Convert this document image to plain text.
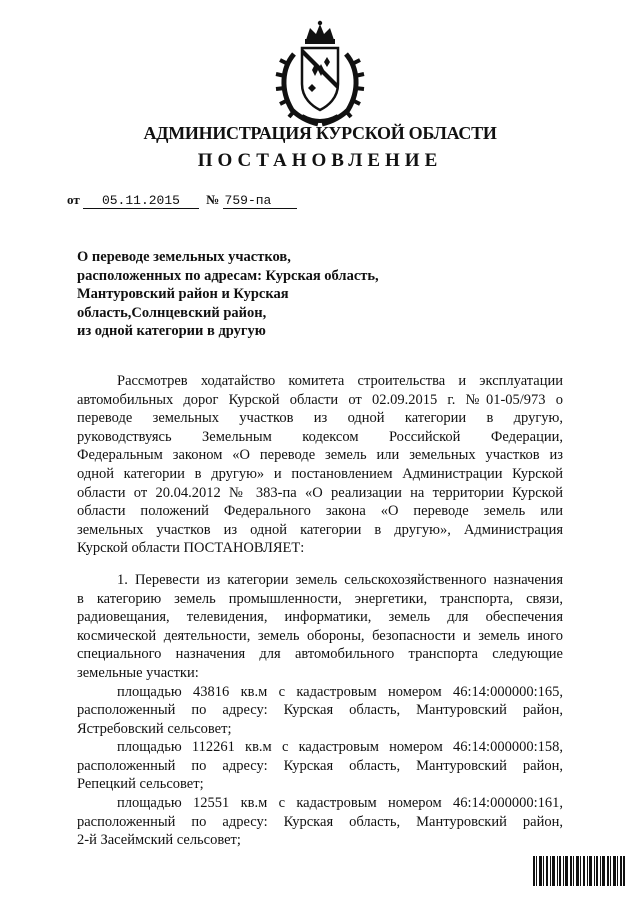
АДМИНИСТРАЦИЯ КУРСКОЙ ОБЛАСТИ
ПОСТАНОВЛЕНИЕ
от 05.11.2015 № 759-па
О переводе земельных участков,
расположенных по адресам: Курская область,
Мантуровский район и Курская
область,Солнцевский район,
из одной категории в другую
Рассмотрев ходатайство комитета строительства и эксплуатации
автомобильных дорог Курской области от 02.09.2015 г. №01-05/973 о
переводе земельных участков из одной категории в другую,
руководствуясь Земельным кодексом Российской Федерации,
Федеральным законом «О переводе земель или земельных участков из
одной категории в другую» и постановлением Администрации Курской
области от 20.04.2012 № 383-па «О реализации на территории Курской
области положений Федерального закона «О переводе земель или
земельных участков из одной категории в другую», Администрация
Курской области ПОСТАНОВЛЯЕТ:
1. Перевести из категории земель сельскохозяйственного назначения
в категорию земель промышленности, энергетики, транспорта, связи,
радиовещания, телевидения, информатики, земель для обеспечения
космической деятельности, земель обороны, безопасности и земель иного
специального назначения для автомобильного транспорта следующие
земельные участки:
площадью 43816 кв.м с кадастровым номером 46:14:000000:165,
расположенный по адресу: Курская область, Мантуровский район,
Ястребовский сельсовет;
площадью 112261 кв.м с кадастровым номером 46:14:000000:158,
расположенный по адресу: Курская область, Мантуровский район,
Репецкий сельсовет;
площадью 12551 кв.м с кадастровым номером 46:14:000000:161,
расположенный по адресу: Курская область, Мантуровский район,
2-й Засеймский сельсовет;
